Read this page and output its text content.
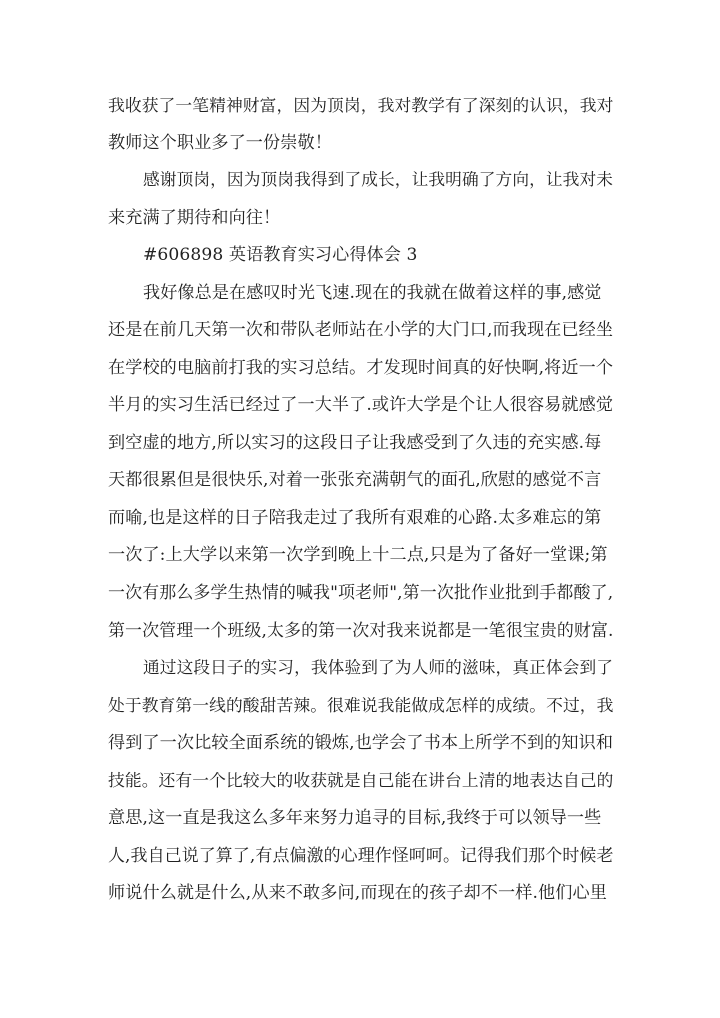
我收获了一笔精神财富，因为顶岗，我对教学有了深刻的认识，我对
教师这个职业多了一份崇敬！
感谢顶岗，因为顶岗我得到了成长，让我明确了方向，让我对未
来充满了期待和向往！
#606898 英语教育实习心得体会 3
我好像总是在感叹时光飞速.现在的我就在做着这样的事,感觉
还是在前几天第一次和带队老师站在小学的大门口,而我现在已经坐
在学校的电脑前打我的实习总结。才发现时间真的好快啊,将近一个
半月的实习生活已经过了一大半了.或许大学是个让人很容易就感觉
到空虚的地方,所以实习的这段日子让我感受到了久违的充实感.每
天都很累但是很快乐,对着一张张充满朝气的面孔,欣慰的感觉不言
而喻,也是这样的日子陪我走过了我所有艰难的心路.太多难忘的第
一次了:上大学以来第一次学到晚上十二点,只是为了备好一堂课;第
一次有那么多学生热情的喊我"项老师",第一次批作业批到手都酸了,
第一次管理一个班级,太多的第一次对我来说都是一笔很宝贵的财富.
通过这段日子的实习，我体验到了为人师的滋味，真正体会到了
处于教育第一线的酸甜苦辣。很难说我能做成怎样的成绩。不过，我
得到了一次比较全面系统的锻炼,也学会了书本上所学不到的知识和
技能。还有一个比较大的收获就是自己能在讲台上清的地表达自己的
意思,这一直是我这么多年来努力追寻的目标,我终于可以领导一些
人,我自己说了算了,有点偏激的心理作怪呵呵。记得我们那个时候老
师说什么就是什么,从来不敢多问,而现在的孩子却不一样.他们心里
